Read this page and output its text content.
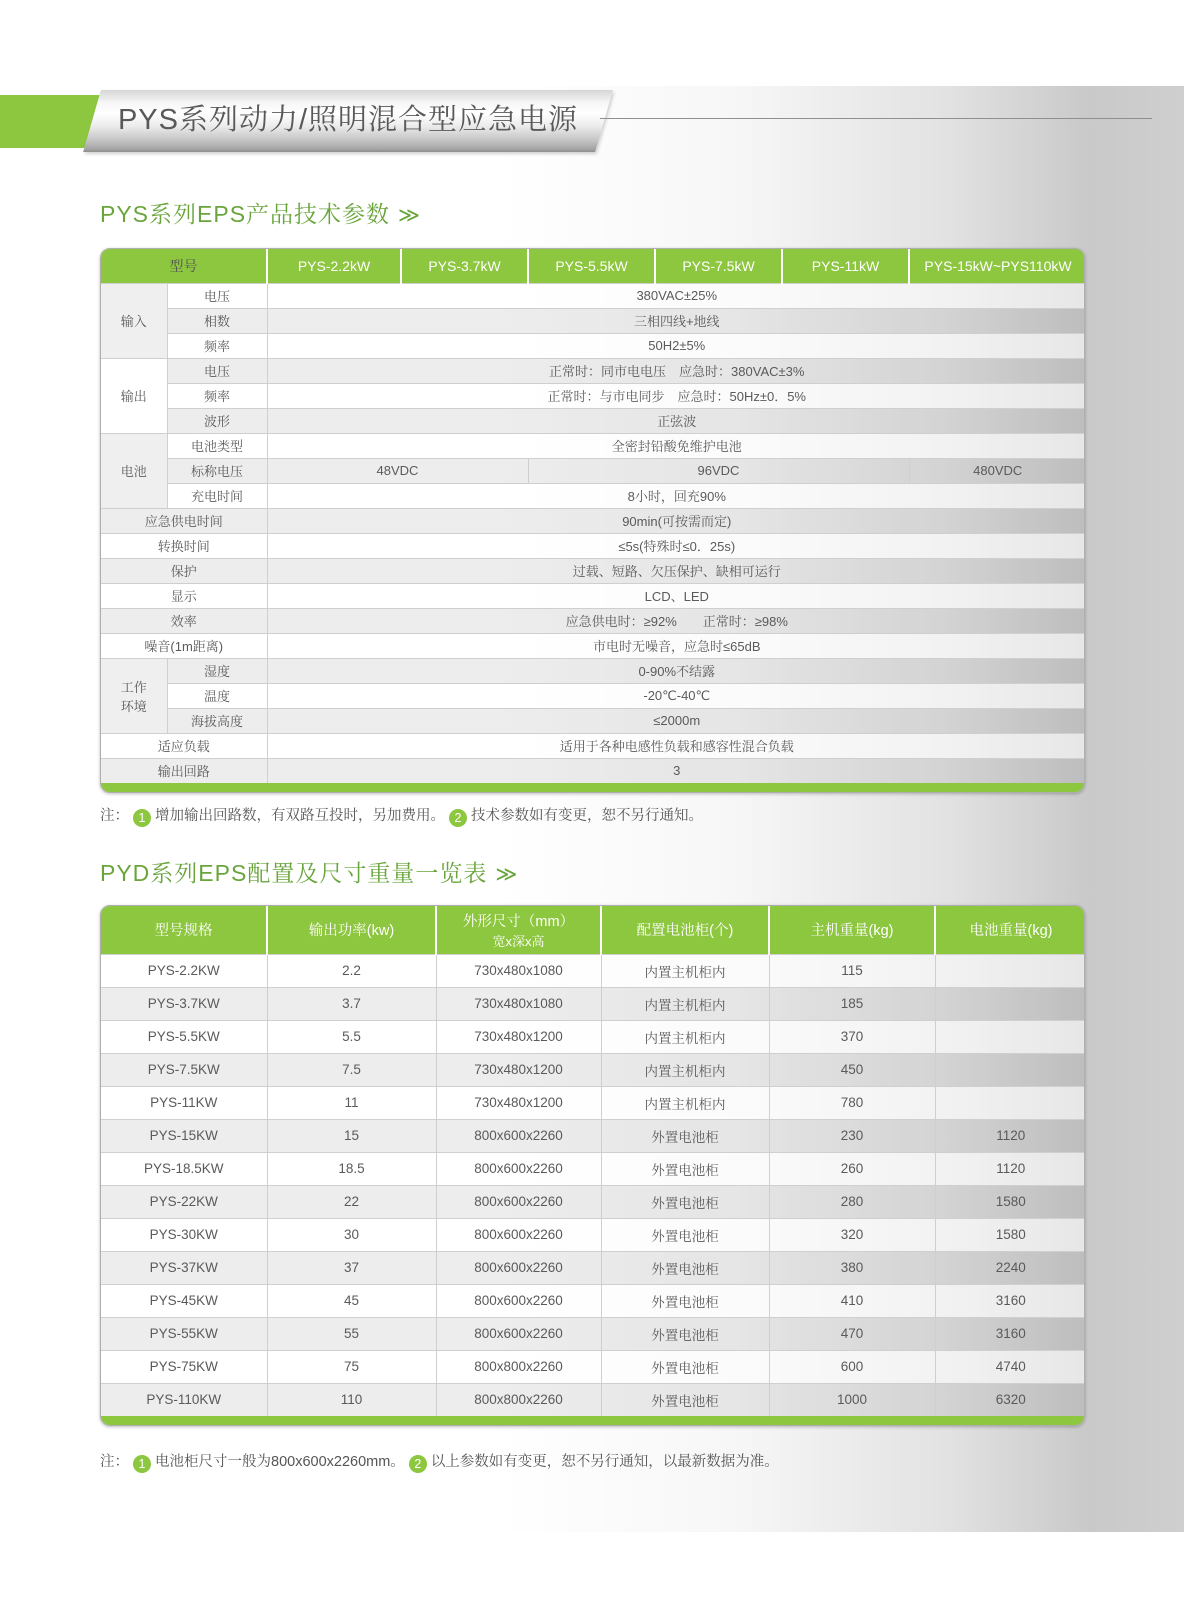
PYS系列动力/照明混合型应急电源
PYS系列EPS产品技术参数 ≫
型号		PYS-2.2kW	PYS-3.7kW	PYS-5.5kW	PYS-7.5kW	PYS-11kW	PYS-15kW~PYS110kW
输入	电压	380VAC±25%					
	相数	三相四线+地线					
	频率	50H2±5%					
输出	电压	正常时：同市电电压　应急时：380VAC±3%					
	频率	正常时：与市电同步　应急时：50Hz±0．5%					
	波形	正弦波					
电池	电池类型	全密封铅酸免维护电池					
	标称电压	48VDC		96VDC			480VDC
	充电时间	8小时，回充90%					
应急供电时间		90min(可按需而定)					
转换时间		≤5s(特殊时≤0．25s)					
保护		过载、短路、欠压保护、缺相可运行					
显示		LCD、LED					
效率		应急供电时：≥92%　　正常时：≥98%					
噪音(1m距离)		市电时无噪音，应急时≤65dB					

工作
环境	湿度	0-90%不结露					
	温度	-20℃-40℃					
	海拔高度	≤2000m					
适应负载		适用于各种电感性负载和感容性混合负载					
输出回路		3					
注： 1 增加输出回路数，有双路互投时，另加费用。 2 技术参数如有变更，恕不另行通知。
PYD系列EPS配置及尺寸重量一览表 ≫
型号规格	输出功率(kw)	外形尺寸（mm）
宽x深x高	配置电池柜(个)	主机重量(kg)	电池重量(kg)
PYS-2.2KW	2.2	730x480x1080	内置主机柜内	115	
PYS-3.7KW	3.7	730x480x1080	内置主机柜内	185	
PYS-5.5KW	5.5	730x480x1200	内置主机柜内	370	
PYS-7.5KW	7.5	730x480x1200	内置主机柜内	450	
PYS-11KW	11	730x480x1200	内置主机柜内	780	
PYS-15KW	15	800x600x2260	外置电池柜	230	1120
PYS-18.5KW	18.5	800x600x2260	外置电池柜	260	1120
PYS-22KW	22	800x600x2260	外置电池柜	280	1580
PYS-30KW	30	800x600x2260	外置电池柜	320	1580
PYS-37KW	37	800x600x2260	外置电池柜	380	2240
PYS-45KW	45	800x600x2260	外置电池柜	410	3160
PYS-55KW	55	800x600x2260	外置电池柜	470	3160
PYS-75KW	75	800x800x2260	外置电池柜	600	4740
PYS-110KW	110	800x800x2260	外置电池柜	1000	6320
注： 1 电池柜尺寸一般为800x600x2260mm。 2 以上参数如有变更，恕不另行通知，以最新数据为准。
